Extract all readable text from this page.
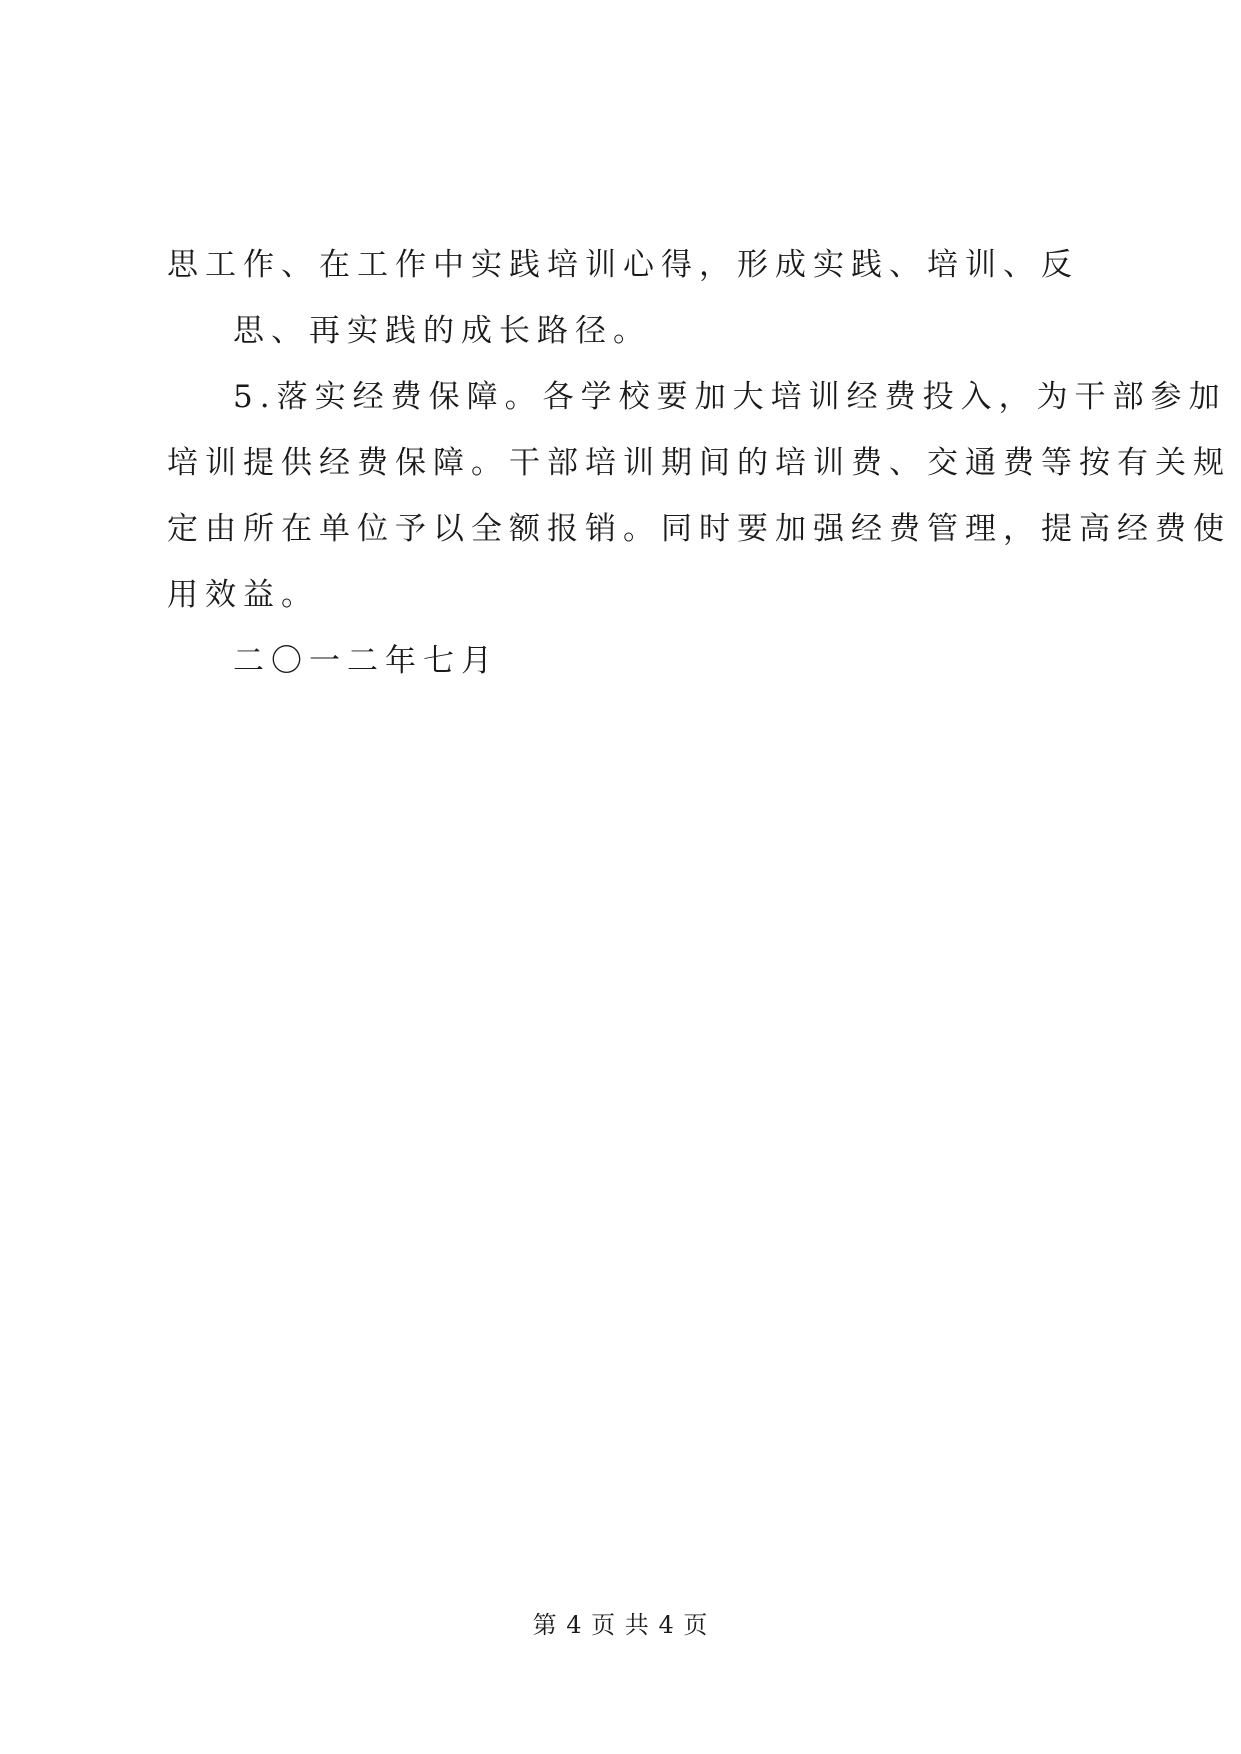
思工作、在工作中实践培训心得，形成实践、培训、反

思、再实践的成长路径。

5.落实经费保障。各学校要加大培训经费投入，为干部参加

培训提供经费保障。干部培训期间的培训费、交通费等按有关规

定由所在单位予以全额报销。同时要加强经费管理，提高经费使

用效益。

二〇一二年七月

第 4 页 共 4 页
